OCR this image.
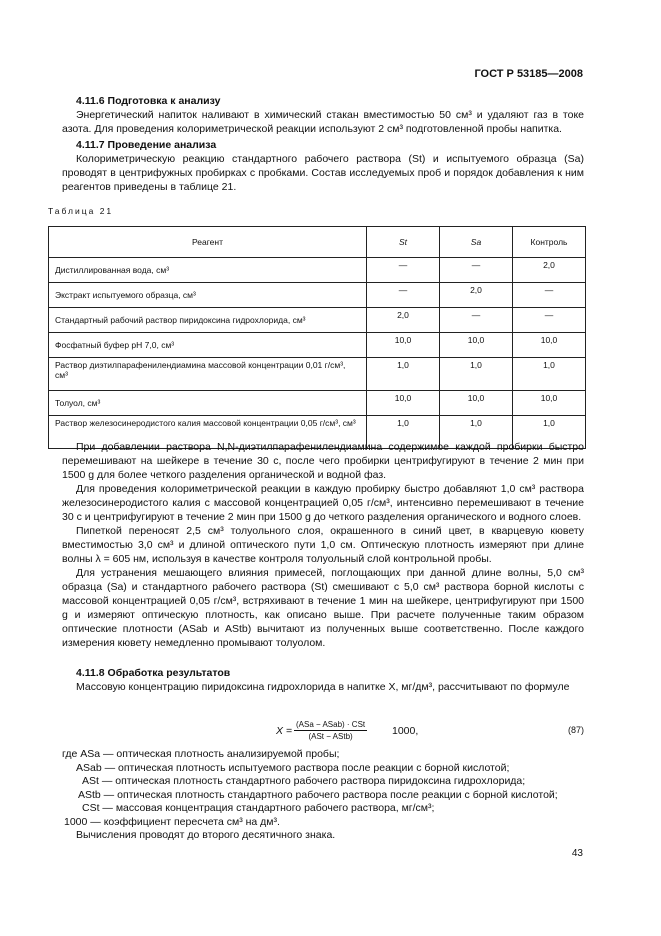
ГОСТ Р 53185—2008
4.11.6 Подготовка к анализу
Энергетический напиток наливают в химический стакан вместимостью 50 см³ и удаляют газ в токе азота. Для проведения колориметрической реакции используют 2 см³ подготовленной пробы напитка.
4.11.7 Проведение анализа
Колориметрическую реакцию стандартного рабочего раствора (St) и испытуемого образца (Sa) проводят в центрифужных пробирках с пробками. Состав исследуемых проб и порядок добавления к ним реагентов приведены в таблице 21.
Таблица 21
Реагент	St	Sa	Контроль
Дистиллированная вода, см³	—	—	2,0
Экстракт испытуемого образца, см³	—	2,0	—
Стандартный рабочий раствор пиридоксина гидрохлорида, см³	2,0	—	—
Фосфатный буфер pH 7,0, см³	10,0	10,0	10,0
Раствор диэтилпарафенилендиамина массовой концентрации 0,01 г/см³, см³	1,0	1,0	1,0
Толуол, см³	10,0	10,0	10,0
Раствор железосинеродистого калия массовой концентрации 0,05 г/см³, см³	1,0	1,0	1,0
При добавлении раствора N,N-диэтилпарафенилендиамина содержимое каждой пробирки быстро перемешивают на шейкере в течение 30 с, после чего пробирки центрифугируют в течение 2 мин при 1500 g для более четкого разделения органической и водной фаз.
Для проведения колориметрической реакции в каждую пробирку быстро добавляют 1,0 см³ раствора железосинеродистого калия с массовой концентрацией 0,05 г/см³, интенсивно перемешивают в течение 30 с и центрифугируют в течение 2 мин при 1500 g до четкого разделения органического и водного слоев.
Пипеткой переносят 2,5 см³ толуольного слоя, окрашенного в синий цвет, в кварцевую кювету вместимостью 3,0 см³ и длиной оптического пути 1,0 см. Оптическую плотность измеряют при длине волны λ = 605 нм, используя в качестве контроля толуольный слой контрольной пробы.
Для устранения мешающего влияния примесей, поглощающих при данной длине волны, 5,0 см³ образца (Sa) и стандартного рабочего раствора (St) смешивают с 5,0 см³ раствора борной кислоты с массовой концентрацией 0,05 г/см³, встряхивают в течение 1 мин на шейкере, центрифугируют при 1500 g и измеряют оптическую плотность, как описано выше. При расчете полученные таким образом оптические плотности (ASab и AStb) вычитают из полученных выше соответственно. После каждого измерения кювету немедленно промывают толуолом.
4.11.8 Обработка результатов
Массовую концентрацию пиридоксина гидрохлорида в напитке X, мг/дм³, рассчитывают по формуле
X =
(ASa − ASab) · CSt
(ASt − AStb)	1000,	(87)
где ASa — оптическая плотность анализируемой пробы;
ASab — оптическая плотность испытуемого раствора после реакции с борной кислотой;
ASt — оптическая плотность стандартного рабочего раствора пиридоксина гидрохлорида;
AStb — оптическая плотность стандартного рабочего раствора после реакции с борной кислотой;
CSt — массовая концентрация стандартного рабочего раствора, мг/см³;
1000 — коэффициент пересчета см³ на дм³.
Вычисления проводят до второго десятичного знака.
43
